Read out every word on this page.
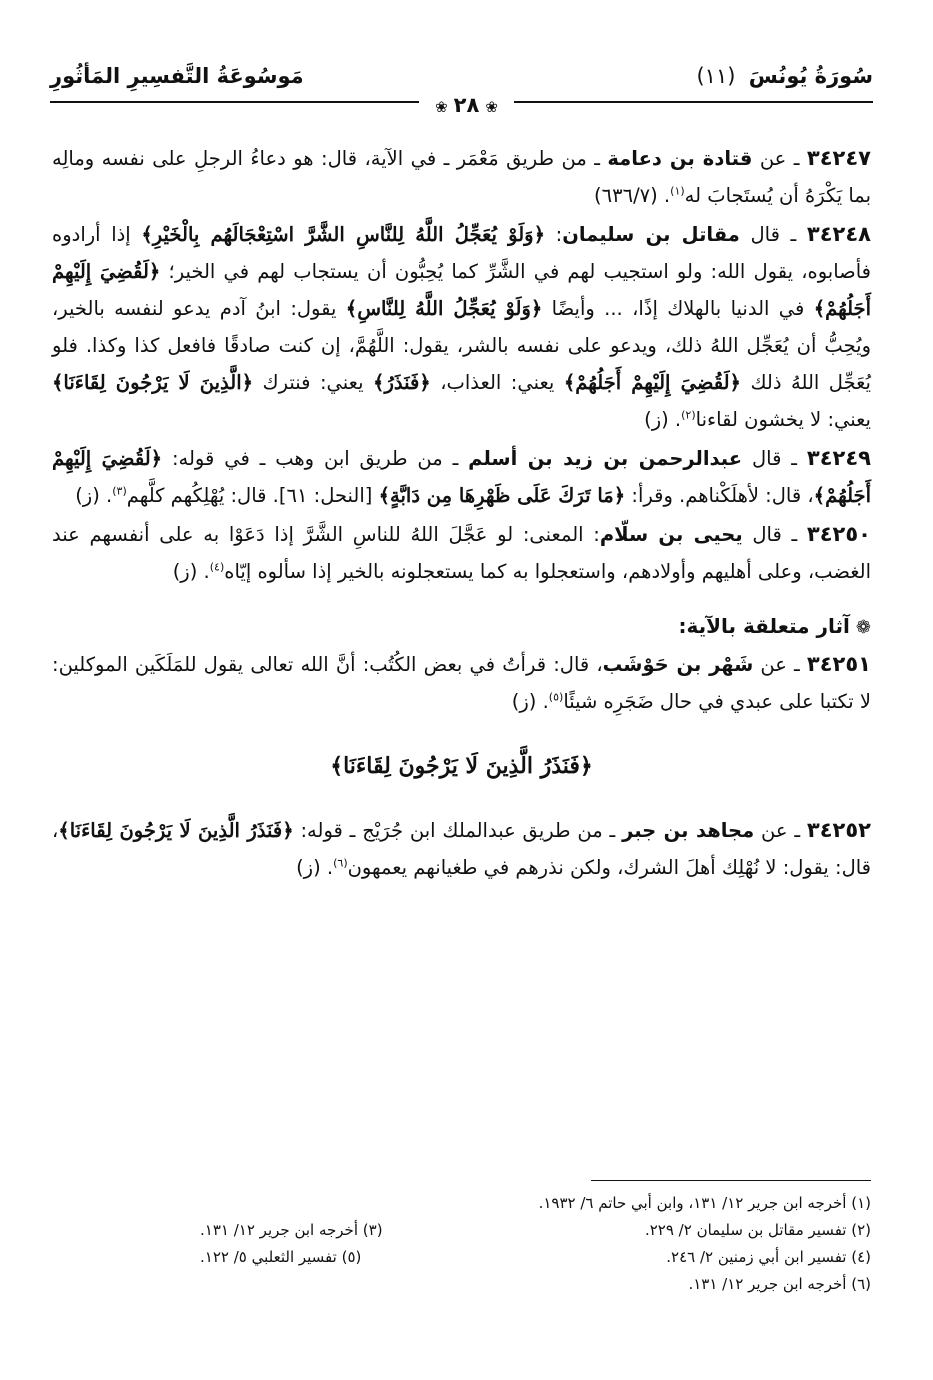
سُورَةُ يُونُسَ (١١)
مَوسُوعَةُ التَّفسِيرِ المَأثُورِ
❀٢٨❀

٣٤٢٤٧ ـ عن قتادة بن دعامة ـ من طريق مَعْمَر ـ في الآية، قال: هو دعاءُ الرجلِ على نفسه ومالِه بما يَكْرَهُ أن يُستَجابَ له$^{(١)}$. (٦٣٦/٧)

٣٤٢٤٨ ـ قال مقاتل بن سليمان: ﴿وَلَوْ يُعَجِّلُ اللَّهُ لِلنَّاسِ الشَّرَّ اسْتِعْجَالَهُم بِالْخَيْرِ﴾ إذا أرادوه فأصابوه، يقول الله: ولو استجيب لهم في الشَّرِّ كما يُحِبُّون أن يستجاب لهم في الخير؛ ﴿لَقُضِيَ إِلَيْهِمْ أَجَلُهُمْ﴾ في الدنيا بالهلاك إذًا، ... وأيضًا ﴿وَلَوْ يُعَجِّلُ اللَّهُ لِلنَّاسِ﴾ يقول: ابنُ آدم يدعو لنفسه بالخير، ويُحِبُّ أن يُعَجِّل اللهُ ذلك، ويدعو على نفسه بالشر، يقول: اللَّهُمَّ، إن كنت صادقًا فافعل كذا وكذا. فلو يُعَجِّل اللهُ ذلك ﴿لَقُضِيَ إِلَيْهِمْ أَجَلُهُمْ﴾ يعني: العذاب، ﴿فَنَذَرُ﴾ يعني: فنترك ﴿الَّذِينَ لَا يَرْجُونَ لِقَاءَنَا﴾ يعني: لا يخشون لقاءنا$^{(٢)}$. (ز)

٣٤٢٤٩ ـ قال عبدالرحمن بن زيد بن أسلم ـ من طريق ابن وهب ـ في قوله: ﴿لَقُضِيَ إِلَيْهِمْ أَجَلُهُمْ﴾، قال: لأهلَكْناهم. وقرأ: ﴿مَا تَرَكَ عَلَى ظَهْرِهَا مِن دَابَّةٍ﴾ [النحل: ٦١]. قال: يُهْلِكُهم كلَّهم$^{(٣)}$. (ز)

٣٤٢٥٠ ـ قال يحيى بن سلّام: المعنى: لو عَجَّلَ اللهُ للناسِ الشَّرَّ إذا دَعَوْا به على أنفسهم عند الغضب، وعلى أهليهم وأولادهم، واستعجلوا به كما يستعجلونه بالخير إذا سألوه إيّاه$^{(٤)}$. (ز)

❁آثار متعلقة بالآية:

٣٤٢٥١ ـ عن شَهْر بن حَوْشَب، قال: قرأتُ في بعض الكُتُب: أنَّ الله تعالى يقول للمَلَكَين الموكلين: لا تكتبا على عبدي في حال ضَجَرِه شيئًا$^{(٥)}$. (ز)

﴿فَنَذَرُ الَّذِينَ لَا يَرْجُونَ لِقَاءَنَا﴾

٣٤٢٥٢ ـ عن مجاهد بن جبر ـ من طريق عبدالملك ابن جُرَيْج ـ قوله: ﴿فَنَذَرُ الَّذِينَ لَا يَرْجُونَ لِقَاءَنَا﴾، قال: يقول: لا نُهْلِك أهلَ الشرك، ولكن نذرهم في طغيانهم يعمهون$^{(٦)}$. (ز)

(١) أخرجه ابن جرير ١٢/ ١٣١، وابن أبي حاتم ٦/ ١٩٣٢.
(٢) تفسير مقاتل بن سليمان ٢/ ٢٢٩.
(٣) أخرجه ابن جرير ١٢/ ١٣١.
(٤) تفسير ابن أبي زمنين ٢/ ٢٤٦.
(٥) تفسير الثعلبي ٥/ ١٢٢.
(٦) أخرجه ابن جرير ١٢/ ١٣١.
